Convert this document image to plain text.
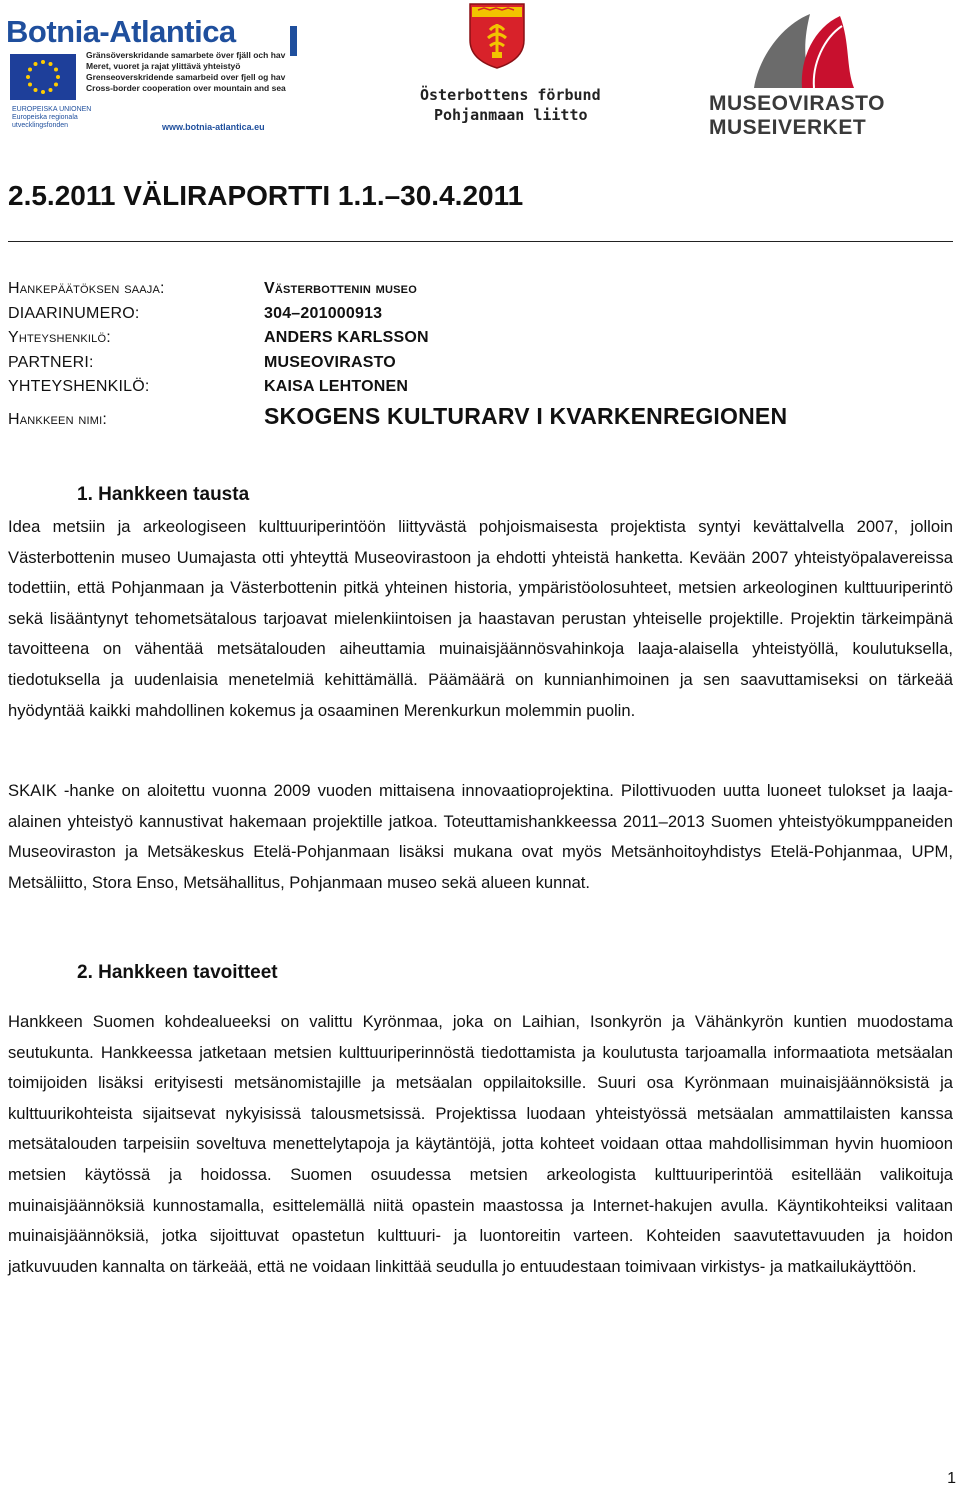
Botnia-Atlantica
EUROPEISKA UNIONEN
Europeiska regionala
utvecklingsfonden
Gränsöverskridande samarbete över fjäll och hav
Meret, vuoret ja rajat ylittävä yhteistyö
Grenseoverskridende samarbeid over fjell og hav
Cross-border cooperation over mountain and sea
www.botnia-atlantica.eu
Österbottens förbund
Pohjanmaan liitto	MUSEOVIRASTO
MUSEIVERKET
2.5.2011 VÄLIRAPORTTI 1.1.–30.4.2011
Hankepäätöksen saaja:	Västerbottenin museo
DIAARINUMERO:	304–201000913
Yhteyshenkilö:	ANDERS KARLSSON
PARTNERI:	MUSEOVIRASTO
YHTEYSHENKILÖ:	KAISA LEHTONEN
Hankkeen nimi:	SKOGENS KULTURARV I KVARKENREGIONEN
1. Hankkeen tausta

Idea metsiin ja arkeologiseen kulttuuriperintöön liittyvästä pohjoismaisesta projektista syntyi kevättalvella 2007, jolloin Västerbottenin museo Uumajasta otti yhteyttä Museovirastoon ja ehdotti yhteistä hanketta. Kevään 2007 yhteistyöpalavereissa todettiin, että Pohjanmaan ja Västerbottenin pitkä yhteinen historia, ympäristöolosuhteet, metsien arkeologinen kulttuuriperintö sekä lisääntynyt tehometsätalous tarjoavat mielenkiintoisen ja haastavan perustan yhteiselle projektille. Projektin tärkeimpänä tavoitteena on vähentää metsätalouden aiheuttamia muinaisjäännösvahinkoja laaja-alaisella yhteistyöllä, koulutuksella, tiedotuksella ja uudenlaisia menetelmiä kehittämällä. Päämäärä on kunnianhimoinen ja sen saavuttamiseksi on tärkeää hyödyntää kaikki mahdollinen kokemus ja osaaminen Merenkurkun molemmin puolin.

SKAIK -hanke on aloitettu vuonna 2009 vuoden mittaisena innovaatioprojektina. Pilottivuoden uutta luoneet tulokset ja laaja-alainen yhteistyö kannustivat hakemaan projektille jatkoa. Toteuttamishankkeessa 2011–2013 Suomen yhteistyökumppaneiden Museoviraston ja Metsäkeskus Etelä-Pohjanmaan lisäksi mukana ovat myös Metsänhoitoyhdistys Etelä-Pohjanmaa, UPM, Metsäliitto, Stora Enso, Metsähallitus, Pohjanmaan museo sekä alueen kunnat.

2. Hankkeen tavoitteet

Hankkeen Suomen kohdealueeksi on valittu Kyrönmaa, joka on Laihian, Isonkyrön ja Vähänkyrön kuntien muodostama seutukunta. Hankkeessa jatketaan metsien kulttuuriperinnöstä tiedottamista ja koulutusta tarjoamalla informaatiota metsäalan toimijoiden lisäksi erityisesti metsänomistajille ja metsäalan oppilaitoksille. Suuri osa Kyrönmaan muinaisjäännöksistä ja kulttuurikohteista sijaitsevat nykyisissä talousmetsissä. Projektissa luodaan yhteistyössä metsäalan ammattilaisten kanssa metsätalouden tarpeisiin soveltuva menettelytapoja ja käytäntöjä, jotta kohteet voidaan ottaa mahdollisimman hyvin huomioon metsien käytössä ja hoidossa. Suomen osuudessa metsien arkeologista kulttuuriperintöä esitellään valikoituja muinaisjäännöksiä kunnostamalla, esittelemällä niitä opastein maastossa ja Internet-hakujen avulla. Käyntikohteiksi valitaan muinaisjäännöksiä, jotka sijoittuvat opastetun kulttuuri- ja luontoreitin varteen. Kohteiden saavutettavuuden ja hoidon jatkuvuuden kannalta on tärkeää, että ne voidaan linkittää seudulla jo entuudestaan toimivaan virkistys- ja matkailukäyttöön.

1
